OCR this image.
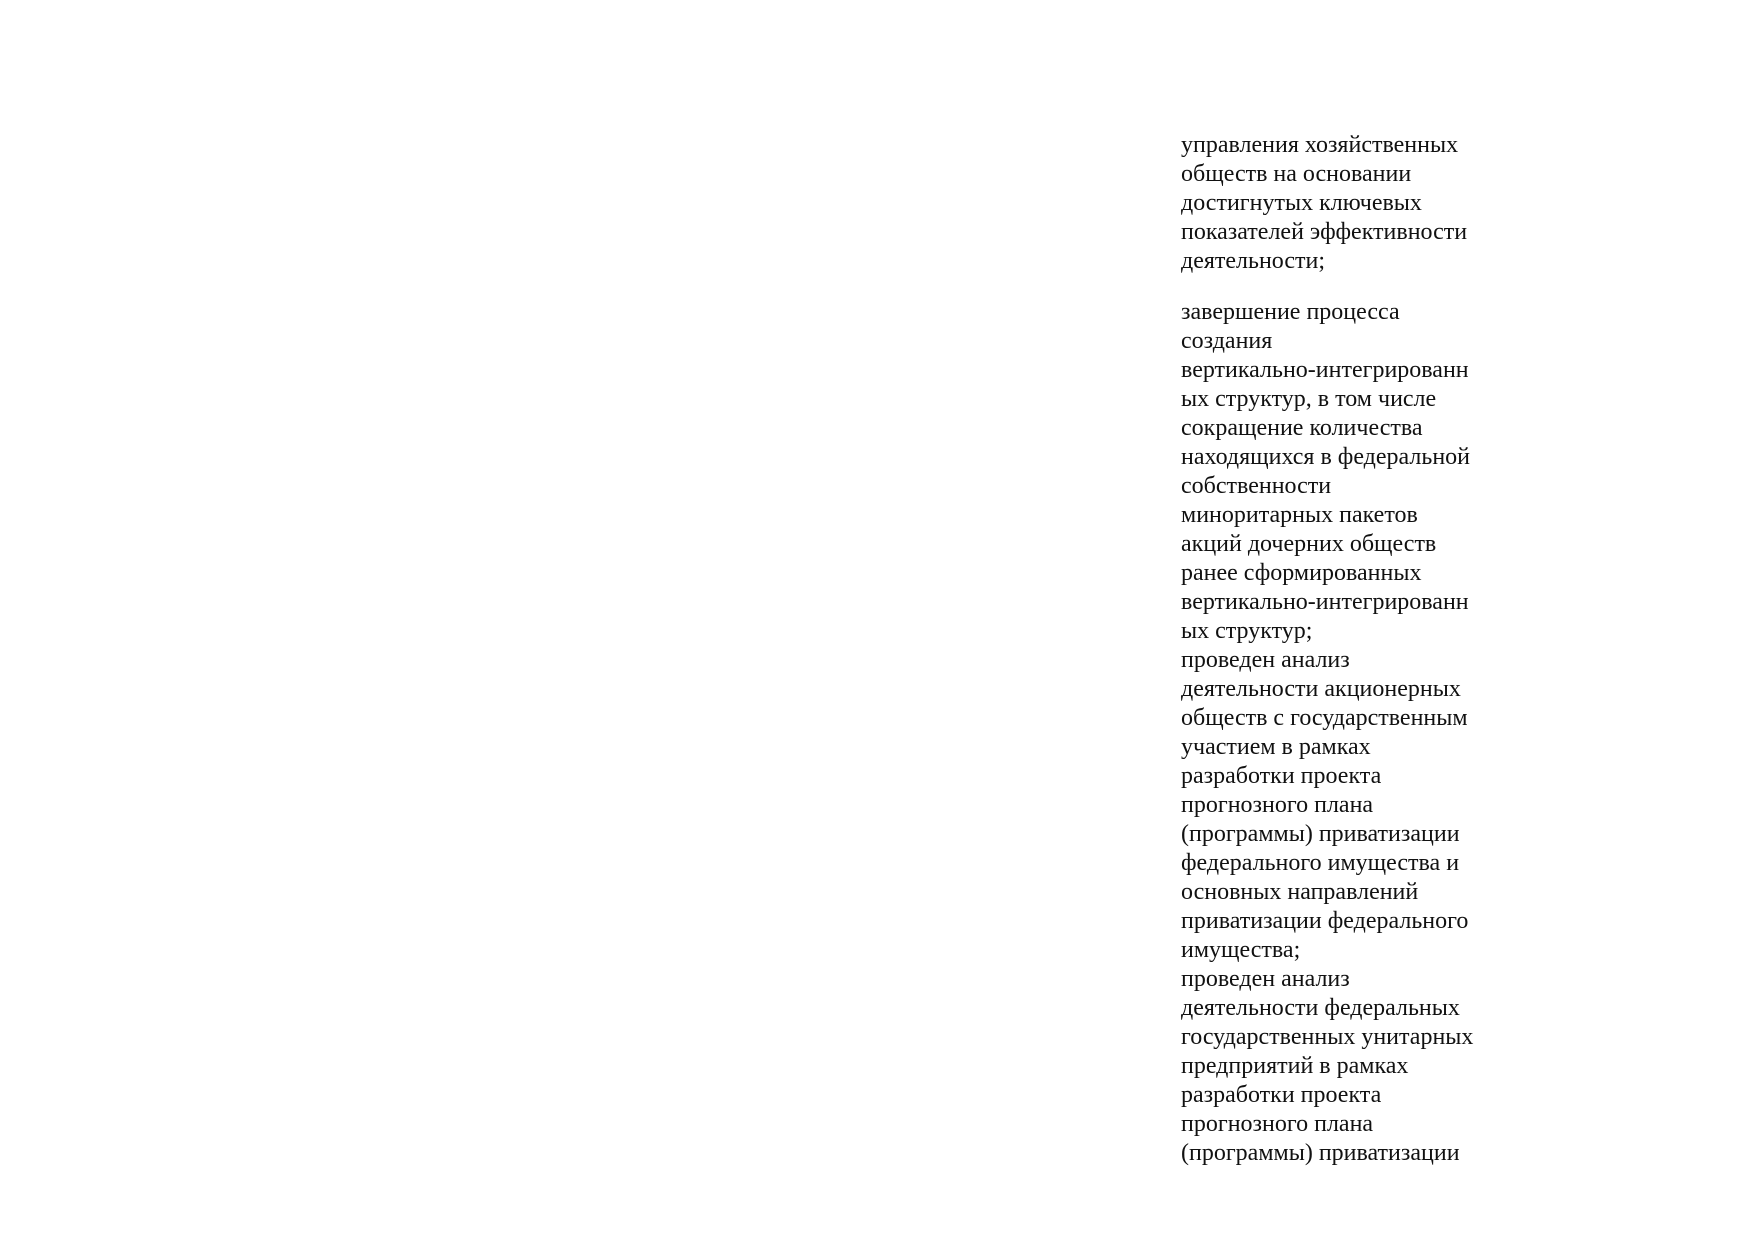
управления хозяйственных
обществ на основании
достигнутых ключевых
показателей эффективности
деятельности;

завершение процесса
создания
вертикально-интегрированн
ых структур, в том числе
сокращение количества
находящихся в федеральной
собственности
миноритарных пакетов
акций дочерних обществ
ранее сформированных
вертикально-интегрированн
ых структур;
проведен анализ
деятельности акционерных
обществ с государственным
участием в рамках
разработки проекта
прогнозного плана
(программы) приватизации
федерального имущества и
основных направлений
приватизации федерального
имущества;
проведен анализ
деятельности федеральных
государственных унитарных
предприятий в рамках
разработки проекта
прогнозного плана
(программы) приватизации
